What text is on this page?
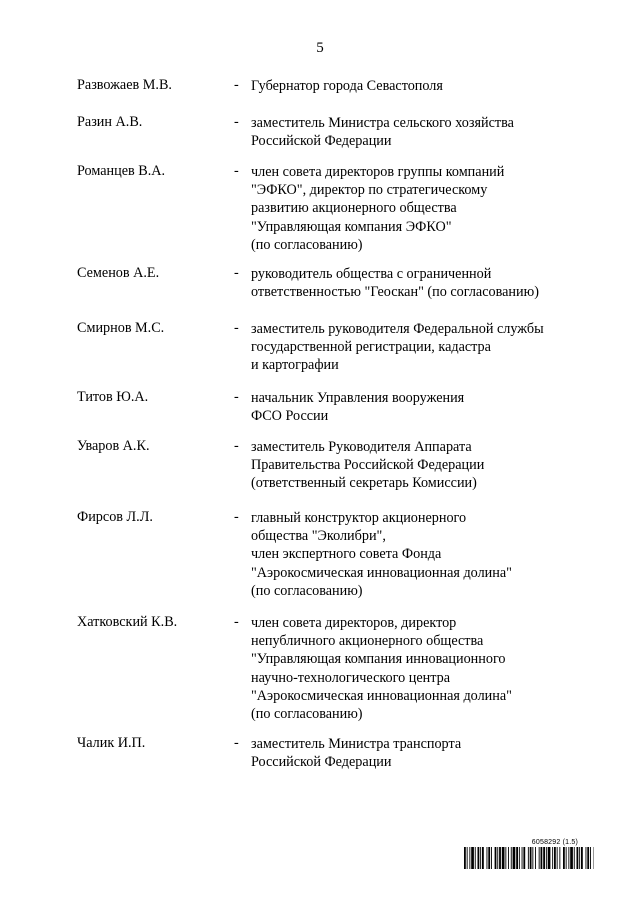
5
Развожаев М.В.	- Губернатор города Севастополя
Разин А.В.	- заместитель Министра сельского хозяйства
Российской Федерации
Романцев В.А.	- член совета директоров группы компаний
"ЭФКО", директор по стратегическому
развитию акционерного общества
"Управляющая компания ЭФКО"
(по согласованию)
Семенов А.Е.	- руководитель общества с ограниченной
ответственностью "Геоскан" (по согласованию)
Смирнов М.С.	- заместитель руководителя Федеральной службы
государственной регистрации, кадастра
и картографии
Титов Ю.А.	- начальник Управления вооружения
ФСО России
Уваров А.К.	- заместитель Руководителя Аппарата
Правительства Российской Федерации
(ответственный секретарь Комиссии)
Фирсов Л.Л.	- главный конструктор акционерного
общества "Эколибри",
член экспертного совета Фонда
"Аэрокосмическая инновационная долина"
(по согласованию)
Хатковский К.В.	- член совета директоров, директор
непубличного акционерного общества
"Управляющая компания инновационного
научно-технологического центра
"Аэрокосмическая инновационная долина"
(по согласованию)
Чалик И.П.	- заместитель Министра транспорта
Российской Федерации
6058292 (1.5)
